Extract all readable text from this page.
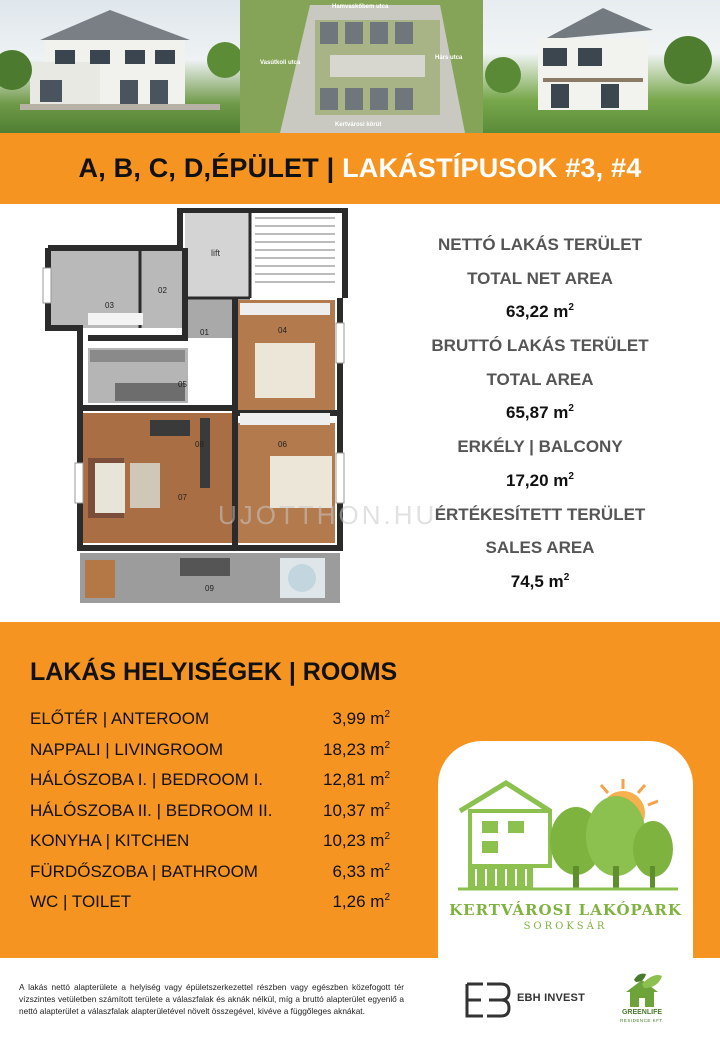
Hamvaskőbem utca
Vasútkoli utca
Hárs utca
Kertvárosi körút
A, B, C, D,ÉPÜLET | LAKÁSTÍPUSOK #3, #4
lift
01
02
03
04
05
06
07
08
09
NETTÓ LAKÁS TERÜLET
TOTAL NET AREA
63,22 $m^2$
BRUTTÓ LAKÁS TERÜLET
TOTAL AREA
65,87 $m^2$
ERKÉLY | BALCONY
17,20 $m^2$
ÉRTÉKESÍTETT TERÜLET
SALES AREA
74,5 $m^2$
UJOTTHON.HU
LAKÁS HELYISÉGEK | ROOMS
ELŐTÉR | ANTEROOM	3,99 $m^2$
NAPPALI | LIVINGROOM	18,23 $m^2$
HÁLÓSZOBA I. | BEDROOM I.	12,81 $m^2$
HÁLÓSZOBA II. | BEDROOM II.	10,37 $m^2$
KONYHA | KITCHEN	10,23 $m^2$
FÜRDŐSZOBA | BATHROOM	6,33 $m^2$
WC | TOILET	1,26 $m^2$
KERTVÁROSI LAKÓPARK
SOROKSÁR
A lakás nettó alapterülete a helyiség vagy épületszerkezettel részben vagy egészben közefogott tér vízszintes vetületben számított területe a válaszfalak és aknák nélkül, míg a bruttó alapterület egyenlő a nettó alapterület a válaszfalak alapterületével növelt összegével, kivéve a függőleges aknákat.
EBH INVEST
GREENLIFE
RESIDENCE KFT.
